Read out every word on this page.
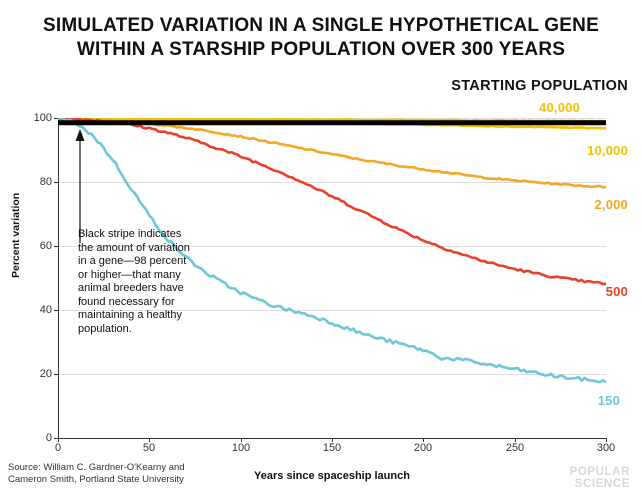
SIMULATED VARIATION IN A SINGLE HYPOTHETICAL GENE
WITHIN A STARSHIP POPULATION OVER 300 YEARS
STARTING POPULATION
40,000
10,000
2,000
500
150
Percent variation
Years since spaceship launch
100
80
60
40
20
0
0	50	100	150	200	250	300
Black stripe indicates the amount of variation in a gene—98 percent or higher—that many animal breeders have found necessary for maintaining a healthy population.
Source: William C. Gardner-O'Kearny and
Cameron Smith, Portland State University
POPULAR
SCIENCE
